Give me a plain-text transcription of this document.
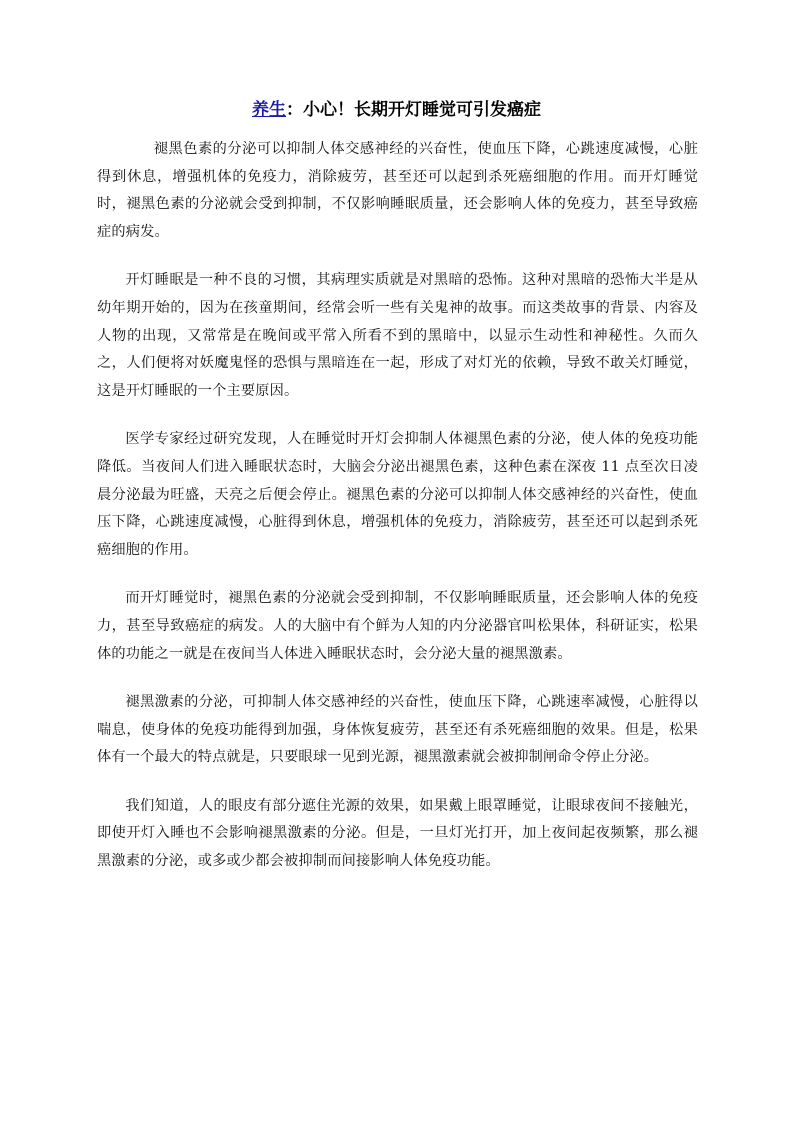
养生：小心！长期开灯睡觉可引发癌症

褪黑色素的分泌可以抑制人体交感神经的兴奋性，使血压下降，心跳速度减慢，心脏得到休息，增强机体的免疫力，消除疲劳，甚至还可以起到杀死癌细胞的作用。而开灯睡觉时，褪黑色素的分泌就会受到抑制，不仅影响睡眠质量，还会影响人体的免疫力，甚至导致癌症的病发。

开灯睡眠是一种不良的习惯，其病理实质就是对黑暗的恐怖。这种对黑暗的恐怖大半是从幼年期开始的，因为在孩童期间，经常会听一些有关鬼神的故事。而这类故事的背景、内容及人物的出现，又常常是在晚间或平常入所看不到的黑暗中，以显示生动性和神秘性。久而久之，人们便将对妖魔鬼怪的恐惧与黑暗连在一起，形成了对灯光的依赖，导致不敢关灯睡觉，这是开灯睡眠的一个主要原因。

医学专家经过研究发现，人在睡觉时开灯会抑制人体褪黑色素的分泌，使人体的免疫功能降低。当夜间人们进入睡眠状态时，大脑会分泌出褪黑色素，这种色素在深夜 11 点至次日凌晨分泌最为旺盛，天亮之后便会停止。褪黑色素的分泌可以抑制人体交感神经的兴奋性，使血压下降，心跳速度减慢，心脏得到休息，增强机体的免疫力，消除疲劳，甚至还可以起到杀死癌细胞的作用。

而开灯睡觉时，褪黑色素的分泌就会受到抑制，不仅影响睡眠质量，还会影响人体的免疫力，甚至导致癌症的病发。人的大脑中有个鲜为人知的内分泌器官叫松果体，科研证实，松果体的功能之一就是在夜间当人体进入睡眠状态时，会分泌大量的褪黑激素。

褪黑激素的分泌，可抑制人体交感神经的兴奋性，使血压下降，心跳速率减慢，心脏得以喘息，使身体的免疫功能得到加强，身体恢复疲劳，甚至还有杀死癌细胞的效果。但是，松果体有一个最大的特点就是，只要眼球一见到光源，褪黑激素就会被抑制闸命令停止分泌。

我们知道，人的眼皮有部分遮住光源的效果，如果戴上眼罩睡觉，让眼球夜间不接触光，即使开灯入睡也不会影响褪黑激素的分泌。但是，一旦灯光打开，加上夜间起夜频繁，那么褪黑激素的分泌，或多或少都会被抑制而间接影响人体免疫功能。
